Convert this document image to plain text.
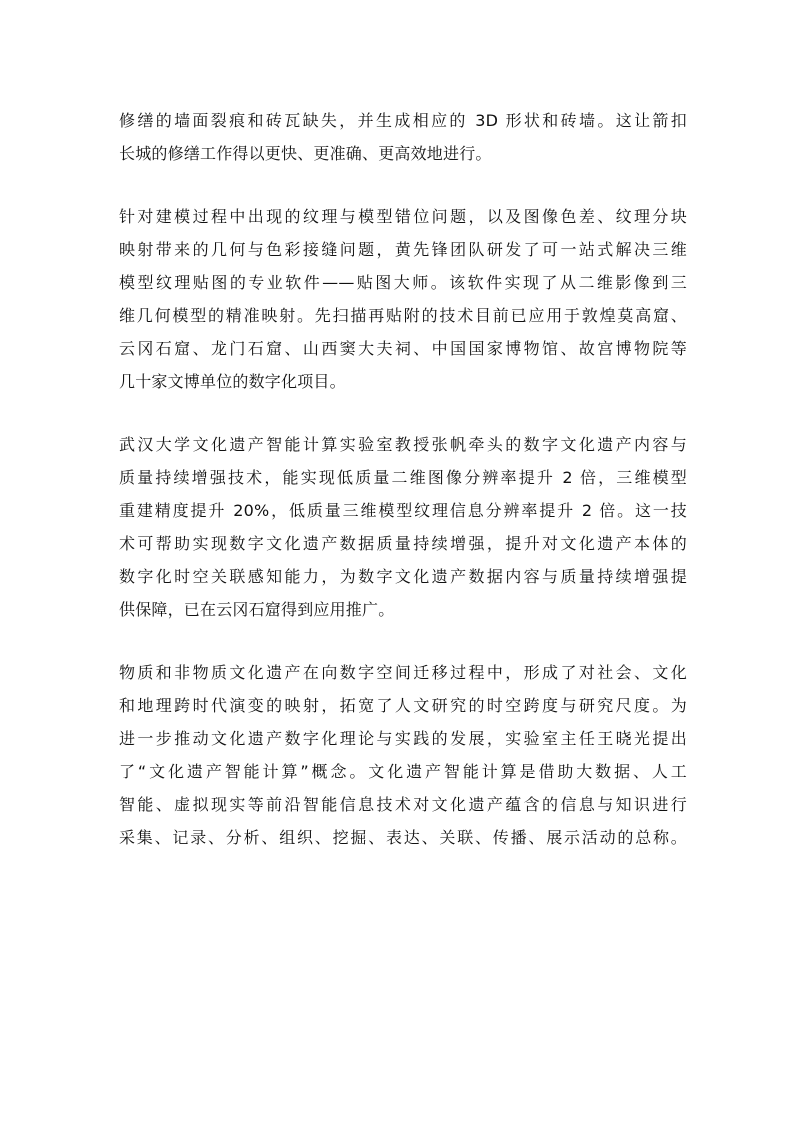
修缮的墙面裂痕和砖瓦缺失，并生成相应的 3D 形状和砖墙。这让箭扣
长城的修缮工作得以更快、更准确、更高效地进行。
针对建模过程中出现的纹理与模型错位问题，以及图像色差、纹理分块
映射带来的几何与色彩接缝问题，黄先锋团队研发了可一站式解决三维
模型纹理贴图的专业软件——贴图大师。该软件实现了从二维影像到三
维几何模型的精准映射。先扫描再贴附的技术目前已应用于敦煌莫高窟、
云冈石窟、龙门石窟、山西窦大夫祠、中国国家博物馆、故宫博物院等
几十家文博单位的数字化项目。
武汉大学文化遗产智能计算实验室教授张帆牵头的数字文化遗产内容与
质量持续增强技术，能实现低质量二维图像分辨率提升 2 倍，三维模型
重建精度提升 20%，低质量三维模型纹理信息分辨率提升 2 倍。这一技
术可帮助实现数字文化遗产数据质量持续增强，提升对文化遗产本体的
数字化时空关联感知能力，为数字文化遗产数据内容与质量持续增强提
供保障，已在云冈石窟得到应用推广。
物质和非物质文化遗产在向数字空间迁移过程中，形成了对社会、文化
和地理跨时代演变的映射，拓宽了人文研究的时空跨度与研究尺度。为
进一步推动文化遗产数字化理论与实践的发展，实验室主任王晓光提出
了“文化遗产智能计算”概念。文化遗产智能计算是借助大数据、人工
智能、虚拟现实等前沿智能信息技术对文化遗产蕴含的信息与知识进行
采集、记录、分析、组织、挖掘、表达、关联、传播、展示活动的总称。
